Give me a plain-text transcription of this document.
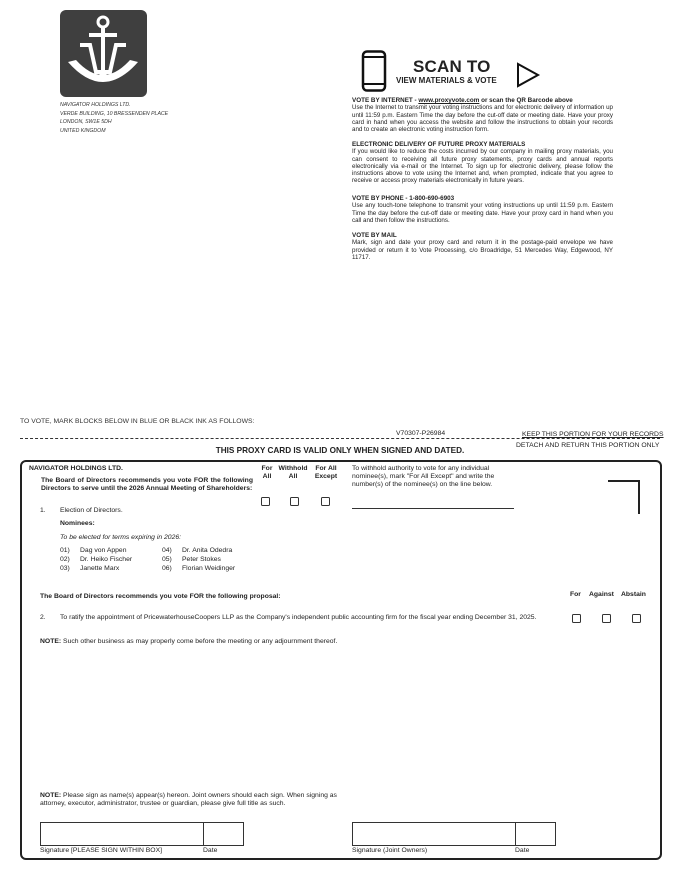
NAVIGATOR HOLDINGS LTD.
VERDE BUILDING, 10 BRESSENDEN PLACE
LONDON, SW1E 5DH
UNITED KINGDOM
SCAN TO
VIEW MATERIALS & VOTE
VOTE BY INTERNET - www.proxyvote.com or scan the QR Barcode above
Use the Internet to transmit your voting instructions and for electronic delivery of information up until 11:59 p.m. Eastern Time the day before the cut-off date or meeting date. Have your proxy card in hand when you access the website and follow the instructions to obtain your records and to create an electronic voting instruction form.
ELECTRONIC DELIVERY OF FUTURE PROXY MATERIALS
If you would like to reduce the costs incurred by our company in mailing proxy materials, you can consent to receiving all future proxy statements, proxy cards and annual reports electronically via e-mail or the Internet. To sign up for electronic delivery, please follow the instructions above to vote using the Internet and, when prompted, indicate that you agree to receive or access proxy materials electronically in future years.
VOTE BY PHONE - 1-800-690-6903
Use any touch-tone telephone to transmit your voting instructions up until 11:59 p.m. Eastern Time the day before the cut-off date or meeting date. Have your proxy card in hand when you call and then follow the instructions.
VOTE BY MAIL
Mark, sign and date your proxy card and return it in the postage-paid envelope we have provided or return it to Vote Processing, c/o Broadridge, 51 Mercedes Way, Edgewood, NY 11717.
TO VOTE, MARK BLOCKS BELOW IN BLUE OR BLACK INK AS FOLLOWS:
V70307-P26984	KEEP THIS PORTION FOR YOUR RECORDS
DETACH AND RETURN THIS PORTION ONLY
THIS PROXY CARD IS VALID ONLY WHEN SIGNED AND DATED.
NAVIGATOR HOLDINGS LTD.
The Board of Directors recommends you vote FOR the following Directors to serve until the 2026 Annual Meeting of Shareholders:
For
All
Withhold
All
For All
Except
To withhold authority to vote for any individual nominee(s), mark "For All Except" and write the number(s) of the nominee(s) on the line below.
1. Election of Directors.
Nominees:
To be elected for terms expiring in 2026:
01) Dag von Appen
02) Dr. Heiko Fischer
03) Janette Marx
04) Dr. Anita Odedra
05) Peter Stokes
06) Florian Weidinger
The Board of Directors recommends you vote FOR the following proposal:	For Against Abstain
2. To ratify the appointment of PricewaterhouseCoopers LLP as the Company's independent public accounting firm for the fiscal year ending December 31, 2025.
NOTE: Such other business as may properly come before the meeting or any adjournment thereof.
NOTE: Please sign as name(s) appear(s) hereon. Joint owners should each sign. When signing as attorney, executor, administrator, trustee or guardian, please give full title as such.
Signature [PLEASE SIGN WITHIN BOX]	Date	Signature (Joint Owners)	Date
